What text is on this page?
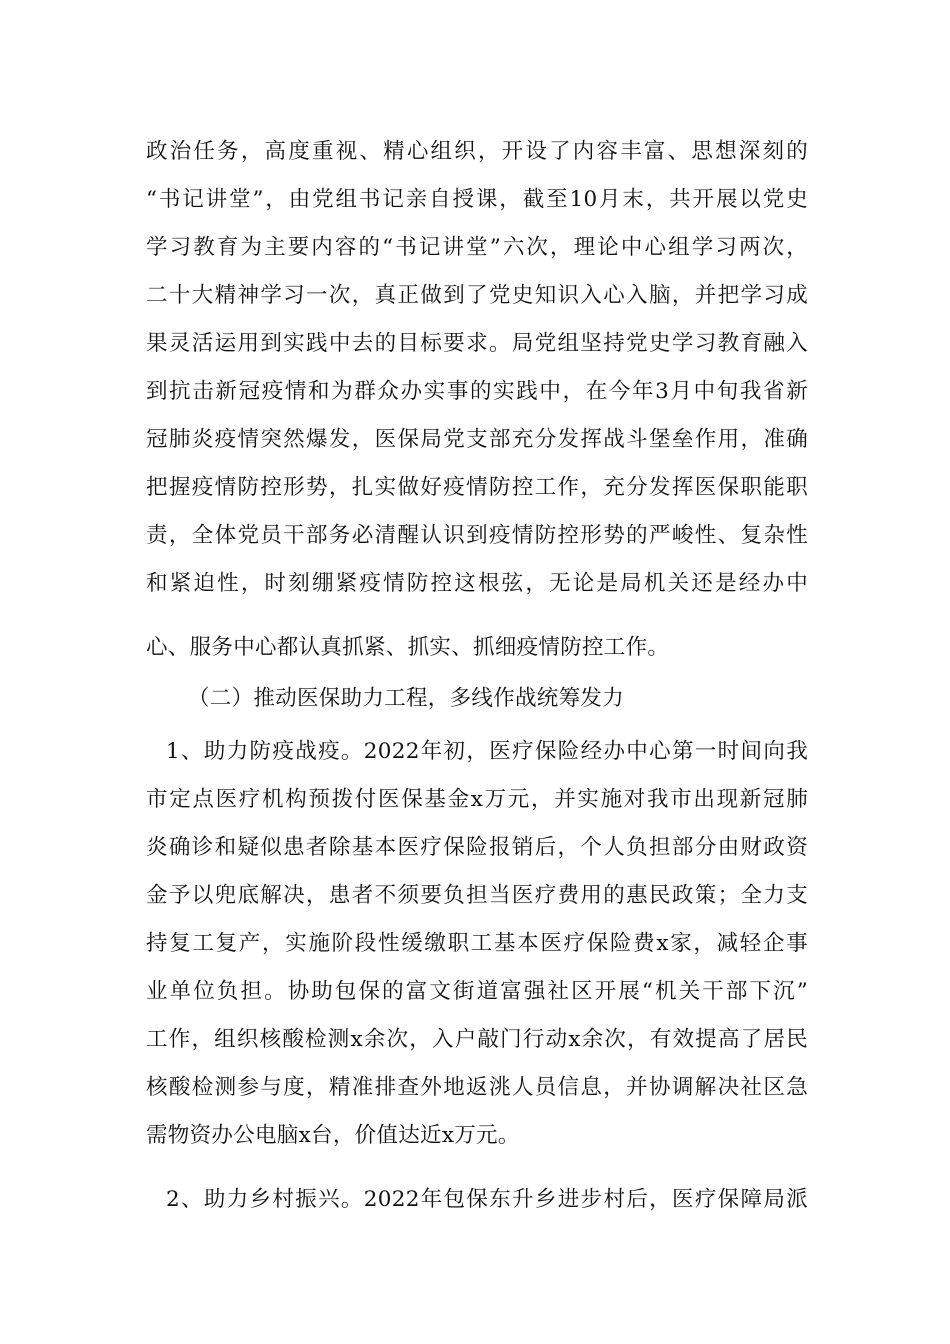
政治任务，高度重视、精心组织，开设了内容丰富、思想深刻的
“书记讲堂”，由党组书记亲自授课，截至10月末，共开展以党史
学习教育为主要内容的“书记讲堂”六次，理论中心组学习两次，
二十大精神学习一次，真正做到了党史知识入心入脑，并把学习成
果灵活运用到实践中去的目标要求。局党组坚持党史学习教育融入
到抗击新冠疫情和为群众办实事的实践中，在今年3月中旬我省新
冠肺炎疫情突然爆发，医保局党支部充分发挥战斗堡垒作用，准确
把握疫情防控形势，扎实做好疫情防控工作，充分发挥医保职能职
责，全体党员干部务必清醒认识到疫情防控形势的严峻性、复杂性
和紧迫性，时刻绷紧疫情防控这根弦，无论是局机关还是经办中
心、服务中心都认真抓紧、抓实、抓细疫情防控工作。
（二）推动医保助力工程，多线作战统筹发力
1、助力防疫战疫。2022年初，医疗保险经办中心第一时间向我
市定点医疗机构预拨付医保基金x万元，并实施对我市出现新冠肺
炎确诊和疑似患者除基本医疗保险报销后，个人负担部分由财政资
金予以兜底解决，患者不须要负担当医疗费用的惠民政策；全力支
持复工复产，实施阶段性缓缴职工基本医疗保险费x家，减轻企事
业单位负担。协助包保的富文街道富强社区开展“机关干部下沉”
工作，组织核酸检测x余次，入户敲门行动x余次，有效提高了居民
核酸检测参与度，精准排查外地返洮人员信息，并协调解决社区急
需物资办公电脑x台，价值达近x万元。
2、助力乡村振兴。2022年包保东升乡进步村后，医疗保障局派
